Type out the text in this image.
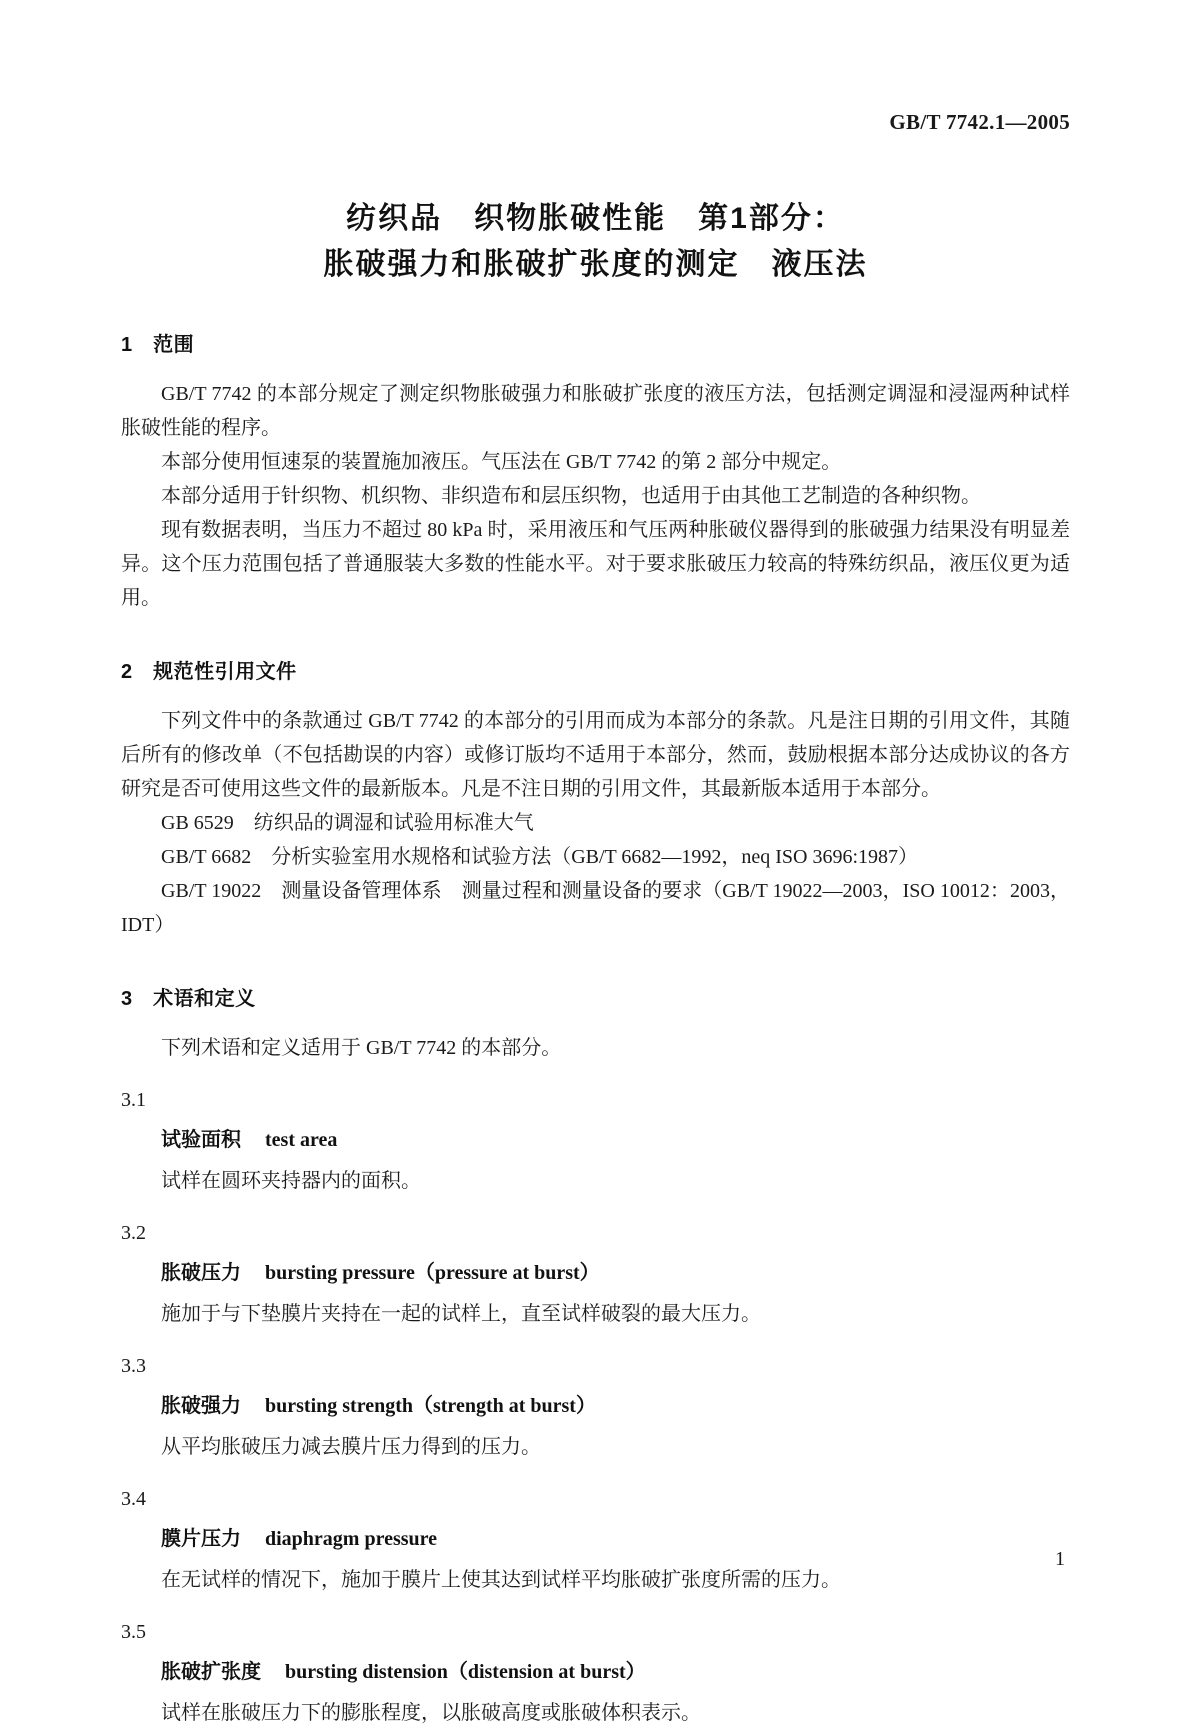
GB/T 7742.1—2005
纺织品　织物胀破性能　第1部分：
胀破强力和胀破扩张度的测定　液压法
1　范围

GB/T 7742 的本部分规定了测定织物胀破强力和胀破扩张度的液压方法，包括测定调湿和浸湿两种试样胀破性能的程序。

本部分使用恒速泵的装置施加液压。气压法在 GB/T 7742 的第 2 部分中规定。

本部分适用于针织物、机织物、非织造布和层压织物，也适用于由其他工艺制造的各种织物。

现有数据表明，当压力不超过 80 kPa 时，采用液压和气压两种胀破仪器得到的胀破强力结果没有明显差异。这个压力范围包括了普通服装大多数的性能水平。对于要求胀破压力较高的特殊纺织品，液压仪更为适用。

2　规范性引用文件

下列文件中的条款通过 GB/T 7742 的本部分的引用而成为本部分的条款。凡是注日期的引用文件，其随后所有的修改单（不包括勘误的内容）或修订版均不适用于本部分，然而，鼓励根据本部分达成协议的各方研究是否可使用这些文件的最新版本。凡是不注日期的引用文件，其最新版本适用于本部分。

GB 6529　纺织品的调湿和试验用标准大气

GB/T 6682　分析实验室用水规格和试验方法（GB/T 6682—1992，neq ISO 3696:1987）

GB/T 19022　测量设备管理体系　测量过程和测量设备的要求（GB/T 19022—2003，ISO 10012：2003，IDT）

3　术语和定义

下列术语和定义适用于 GB/T 7742 的本部分。

3.1

试验面积 test area

试样在圆环夹持器内的面积。

3.2

胀破压力 bursting pressure（pressure at burst）

施加于与下垫膜片夹持在一起的试样上，直至试样破裂的最大压力。

3.3

胀破强力 bursting strength（strength at burst）

从平均胀破压力减去膜片压力得到的压力。

3.4

膜片压力 diaphragm pressure

在无试样的情况下，施加于膜片上使其达到试样平均胀破扩张度所需的压力。

3.5

胀破扩张度 bursting distension（distension at burst）

试样在胀破压力下的膨胀程度，以胀破高度或胀破体积表示。

1
